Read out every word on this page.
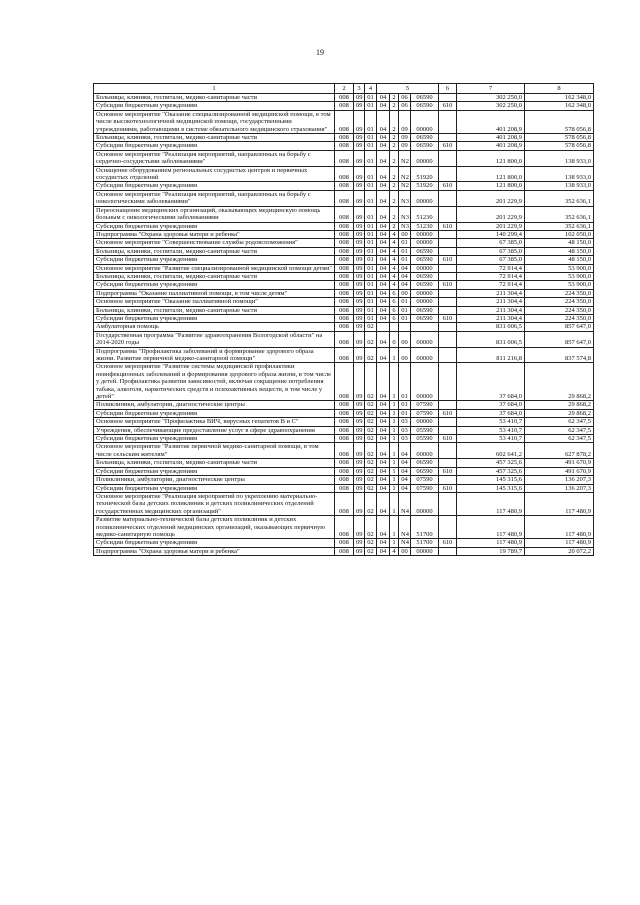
19
1	2	3	4	5				6	7	8
Больницы, клиники, госпитали, медико-санитарные части	008	09	01	04	2	06	06590		302 250,0	162 348,0
Субсидии бюджетным учреждениям	008	09	01	04	2	06	06590	610	302 250,0	162 348,0
Основное мероприятие "Оказание специализированной медицинской помощи, в том числе высокотехнологичной медицинской помощи, государственными учреждениями, работающими в системе обязательного медицинского страхования"	008	09	01	04	2	09	00000		401 208,9	578 056,8
Больницы, клиники, госпитали, медико-санитарные части	008	09	01	04	2	09	06590		401 208,9	578 056,8
Субсидии бюджетным учреждениям	008	09	01	04	2	09	06590	610	401 208,9	578 056,8
Основное мероприятие "Реализация мероприятий, направленных на борьбу с сердечно-сосудистыми заболеваниями"	008	09	01	04	2	N2	00000		121 800,0	138 933,0
Оснащение оборудованием региональных сосудистых центров и первичных сосудистых отделений	008	09	01	04	2	N2	51920		121 800,0	138 933,0
Субсидии бюджетным учреждениям	008	09	01	04	2	N2	51920	610	121 800,0	138 933,0
Основное мероприятие "Реализация мероприятий, направленных на борьбу с онкологическими заболеваниями"	008	09	01	04	2	N3	00000		201 229,9	352 636,1
Переоснащение медицинских организаций, оказывающих медицинскую помощь больным с онкологическими заболеваниями	008	09	01	04	2	N3	51230		201 229,9	352 636,1
Субсидии бюджетным учреждениям	008	09	01	04	2	N3	51230	610	201 229,9	352 636,1
Подпрограмма "Охрана здоровья матери и ребенка"	008	09	01	04	4	00	00000		140 299,4	102 050,0
Основное мероприятие "Совершенствование службы родовспоможения"	008	09	01	04	4	01	00000		67 385,0	48 150,0
Больницы, клиники, госпитали, медико-санитарные части	008	09	01	04	4	01	06590		67 385,0	48 150,0
Субсидии бюджетным учреждениям	008	09	01	04	4	01	06590	610	67 385,0	48 150,0
Основное мероприятие "Развитие специализированной медицинской помощи детям"	008	09	01	04	4	04	00000		72 914,4	53 900,0
Больницы, клиники, госпитали, медико-санитарные части	008	09	01	04	4	04	06590		72 914,4	53 900,0
Субсидии бюджетным учреждениям	008	09	01	04	4	04	06590	610	72 914,4	53 900,0
Подпрограмма "Оказание паллиативной помощи, в том числе детям"	008	09	01	04	6	00	00000		211 304,4	224 350,0
Основное мероприятие "Оказание паллиативной помощи"	008	09	01	04	6	01	00000		211 304,4	224 350,0
Больницы, клиники, госпитали, медико-санитарные части	008	09	01	04	6	01	06590		211 304,4	224 350,0
Субсидии бюджетным учреждениям	008	09	01	04	6	01	06590	610	211 304,4	224 350,0
Амбулаторная помощь	008	09	02						831 006,5	857 647,0
Государственная программа "Развитие здравоохранения Вологодской области" на 2014-2020 годы	008	09	02	04	0	00	00000		831 006,5	857 647,0
Подпрограмма "Профилактика заболеваний и формирование здорового образа жизни. Развитие первичной медико-санитарной помощи"	008	09	02	04	1	00	00000		811 216,8	837 574,8
Основное мероприятие "Развитие системы медицинской профилактики неинфекционных заболеваний и формирования здорового образа жизни, в том числе у детей. Профилактика развития зависимостей, включая сокращение потребления табака, алкоголя, наркотических средств и психоактивных веществ, в том числе у детей"	008	09	02	04	1	01	00000		37 684,0	29 868,2
Поликлиники, амбулатории, диагностические центры	008	09	02	04	1	01	07590		37 684,0	29 868,2
Субсидии бюджетным учреждениям	008	09	02	04	1	01	07590	610	37 684,0	29 868,2
Основное мероприятие "Профилактика ВИЧ, вирусных гепатитов В и С"	008	09	02	04	1	03	00000		53 410,7	62 347,5
Учреждения, обеспечивающие предоставление услуг в сфере здравоохранения	008	09	02	04	1	03	05590		53 410,7	62 347,5
Субсидии бюджетным учреждениям	008	09	02	04	1	03	05590	610	53 410,7	62 347,5
Основное мероприятие "Развитие первичной медико-санитарной помощи, в том числе сельским жителям"	008	09	02	04	1	04	00000		602 641,2	627 878,2
Больницы, клиники, госпитали, медико-санитарные части	008	09	02	04	1	04	06590		457 325,6	491 670,9
Субсидии бюджетным учреждениям	008	09	02	04	1	04	06590	610	457 325,6	491 670,9
Поликлиники, амбулатории, диагностические центры	008	09	02	04	1	04	07590		145 315,6	136 207,3
Субсидии бюджетным учреждениям	008	09	02	04	1	04	07590	610	145 315,6	136 207,3
Основное мероприятие "Реализация мероприятий по укреплению материально-технической базы детских поликлиник и детских поликлинических отделений государственных медицинских организаций"	008	09	02	04	1	N4	00000		117 480,9	117 480,9
Развитие материально-технической базы детских поликлиник и детских поликлинических отделений медицинских организаций, оказывающих первичную медико-санитарную помощь	008	09	02	04	1	N4	51700		117 480,9	117 480,9
Субсидии бюджетным учреждениям	008	09	02	04	1	N4	51700	610	117 480,9	117 480,9
Подпрограмма "Охрана здоровья матери и ребенка"	008	09	02	04	4	00	00000		19 789,7	20 072,2
